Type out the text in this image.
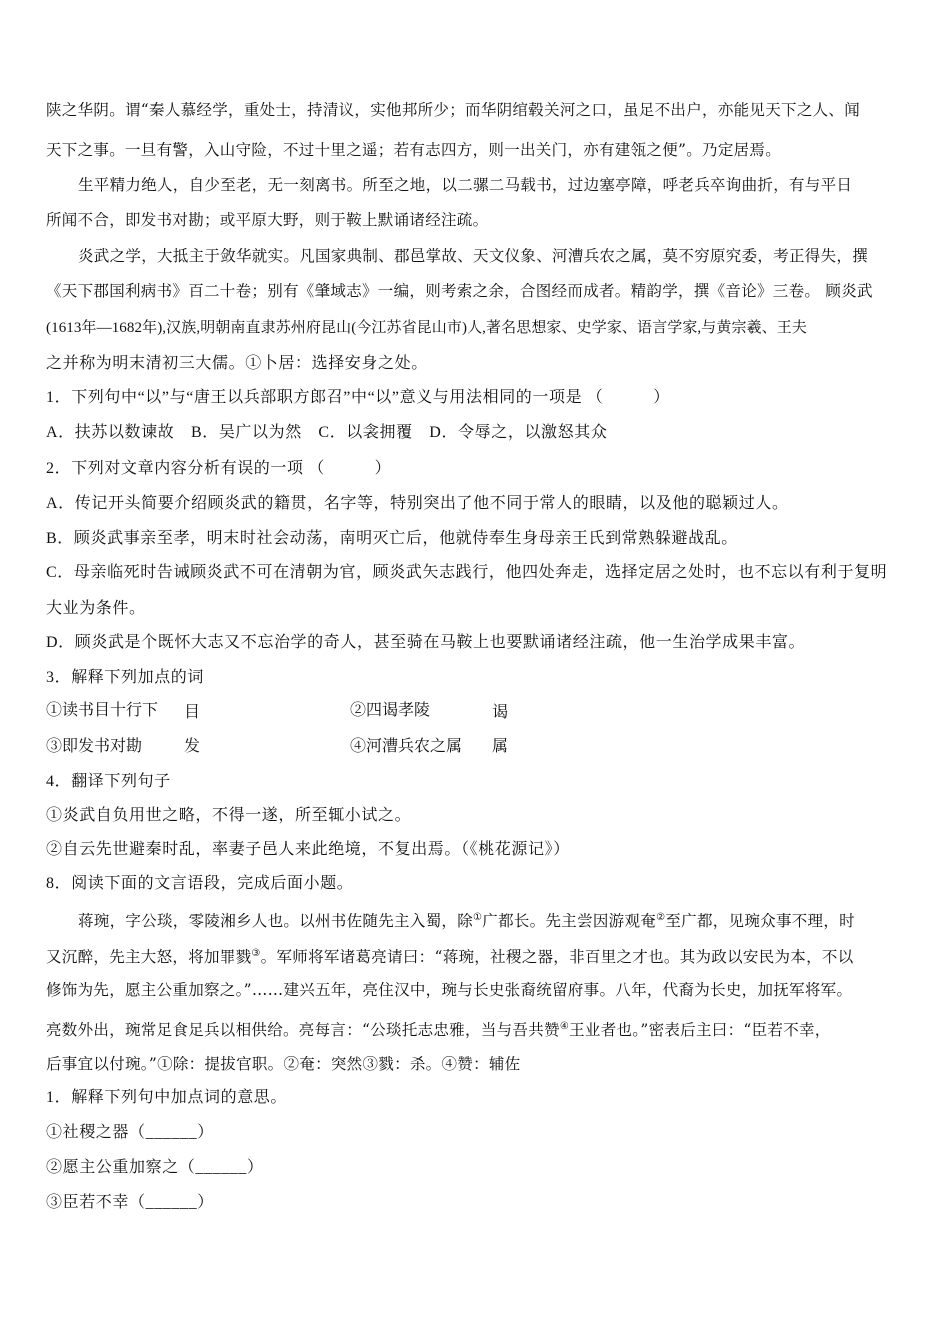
陕之华阴。谓“秦人慕经学，重处士，持清议，实他邦所少；而华阴绾毂关河之口，虽足不出户，亦能见天下之人、闻
天下之事。一旦有警，入山守险，不过十里之遥；若有志四方，则一出关门，亦有建瓴之便”。乃定居焉。
生平精力绝人，自少至老，无一刻离书。所至之地，以二骡二马载书，过边塞亭障，呼老兵卒询曲折，有与平日
所闻不合，即发书对勘；或平原大野，则于鞍上默诵诸经注疏。
炎武之学，大抵主于敛华就实。凡国家典制、郡邑掌故、天文仪象、河漕兵农之属，莫不穷原究委，考正得失，撰
《天下郡国利病书》百二十卷；别有《肇域志》一编，则考索之余，合图经而成者。精韵学，撰《音论》三卷。 顾炎武
(1613年—1682年),汉族,明朝南直隶苏州府昆山(今江苏省昆山市)人,著名思想家、史学家、语言学家,与黄宗羲、王夫
之并称为明末清初三大儒。①卜居：选择安身之处。
1．下列句中“以”与“唐王以兵部职方郎召”中“以”意义与用法相同的一项是 （　　　）
A．扶苏以数谏故　B．吴广以为然　C．以衾拥覆　D．令辱之，以激怒其众
2．下列对文章内容分析有误的一项 （　　　）
A．传记开头简要介绍顾炎武的籍贯，名字等，特别突出了他不同于常人的眼睛，以及他的聪颖过人。
B．顾炎武事亲至孝，明末时社会动荡，南明灭亡后，他就侍奉生身母亲王氏到常熟躲避战乱。
C．母亲临死时告诫顾炎武不可在清朝为官，顾炎武矢志践行，他四处奔走，选择定居之处时，也不忘以有利于复明
大业为条件。
D．顾炎武是个既怀大志又不忘治学的奇人，甚至骑在马鞍上也要默诵诸经注疏，他一生治学成果丰富。
3．解释下列加点的词
①读书目十行下 目	②四谒孝陵	谒
③即发书对勘	发	④河漕兵农之属 属
4．翻译下列句子
①炎武自负用世之略，不得一遂，所至辄小试之。
②自云先世避秦时乱，率妻子邑人来此绝境，不复出焉。（《桃花源记》）
8．阅读下面的文言语段，完成后面小题。
蒋琬，字公琰，零陵湘乡人也。以州书佐随先主入蜀，除①广都长。先主尝因游观奄②至广都，见琬众事不理，时
又沉醉，先主大怒，将加罪戮③。军师将军诸葛亮请曰：“蒋琬，社稷之器，非百里之才也。其为政以安民为本，不以
修饰为先，愿主公重加察之。”……建兴五年，亮住汉中，琬与长史张裔统留府事。八年，代裔为长史，加抚军将军。
亮数外出，琬常足食足兵以相供给。亮每言：“公琰托志忠雅，当与吾共赞④王业者也。”密表后主曰：“臣若不幸，
后事宜以付琬。”①除：提拔官职。②奄：突然③戮：杀。④赞：辅佐
1．解释下列句中加点词的意思。
①社稷之器（______）
②愿主公重加察之（______）
③臣若不幸（______）
